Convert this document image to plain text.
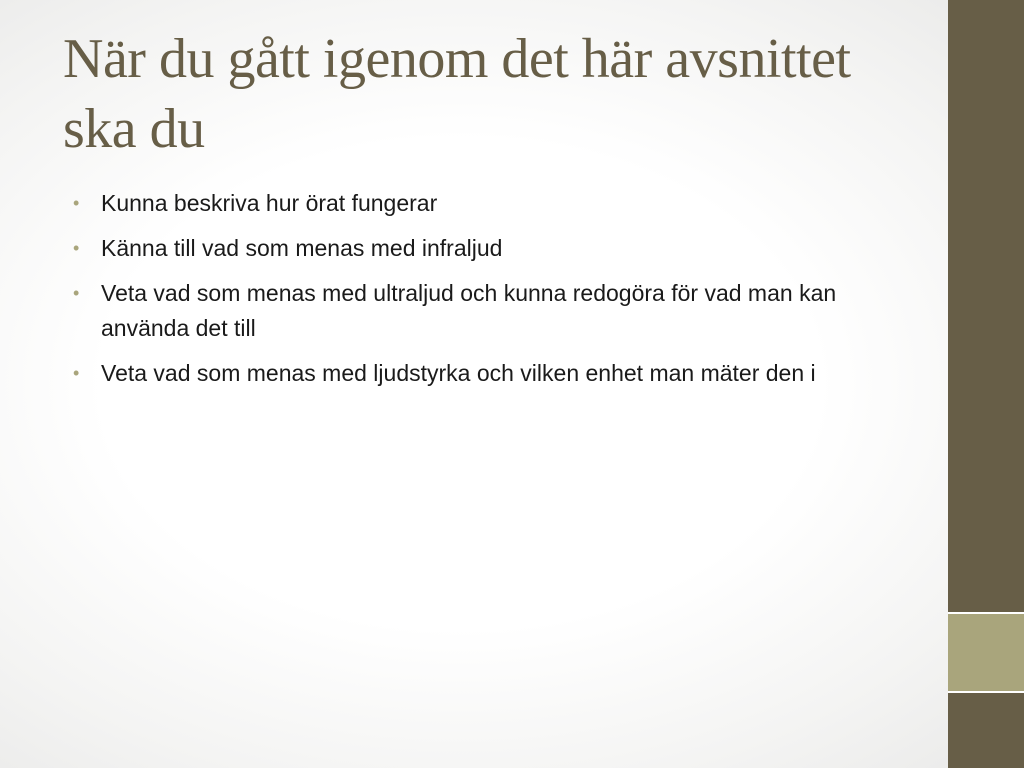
När du gått igenom det här avsnittet ska du
• Kunna beskriva hur örat fungerar
• Känna till vad som menas med infraljud
• Veta vad som menas med ultraljud och kunna redogöra för vad man kan använda det till
• Veta vad som menas med ljudstyrka och vilken enhet man mäter den i
